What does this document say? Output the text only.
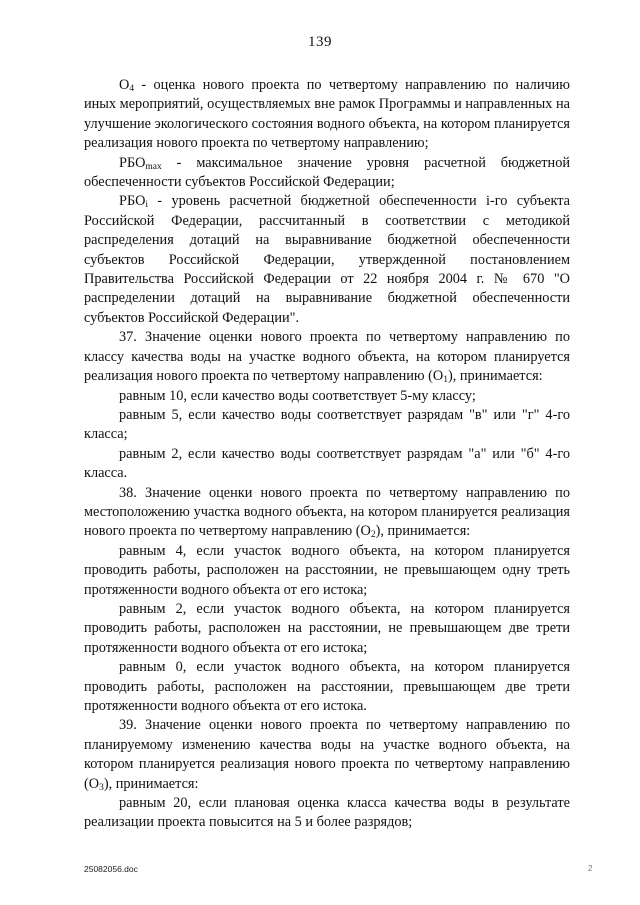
139

$О_4$ - оценка нового проекта по четвертому направлению по наличию иных мероприятий, осуществляемых вне рамок Программы и направленных на улучшение экологического состояния водного объекта, на котором планируется реализация нового проекта по четвертому направлению;

$РБО_{max}$ - максимальное значение уровня расчетной бюджетной обеспеченности субъектов Российской Федерации;

$РБО_i$ - уровень расчетной бюджетной обеспеченности i-го субъекта Российской Федерации, рассчитанный в соответствии с методикой распределения дотаций на выравнивание бюджетной обеспеченности субъектов Российской Федерации, утвержденной постановлением Правительства Российской Федерации от 22 ноября 2004 г. № 670 "О распределении дотаций на выравнивание бюджетной обеспеченности субъектов Российской Федерации".

37. Значение оценки нового проекта по четвертому направлению по классу качества воды на участке водного объекта, на котором планируется реализация нового проекта по четвертому направлению $(О_1)$, принимается:

равным 10, если качество воды соответствует 5-му классу;

равным 5, если качество воды соответствует разрядам "в" или "г" 4-го класса;

равным 2, если качество воды соответствует разрядам "а" или "б" 4-го класса.

38. Значение оценки нового проекта по четвертому направлению по местоположению участка водного объекта, на котором планируется реализация нового проекта по четвертому направлению $(О_2)$, принимается:

равным 4, если участок водного объекта, на котором планируется проводить работы, расположен на расстоянии, не превышающем одну треть протяженности водного объекта от его истока;

равным 2, если участок водного объекта, на котором планируется проводить работы, расположен на расстоянии, не превышающем две трети протяженности водного объекта от его истока;

равным 0, если участок водного объекта, на котором планируется проводить работы, расположен на расстоянии, превышающем две трети протяженности водного объекта от его истока.

39. Значение оценки нового проекта по четвертому направлению по планируемому изменению качества воды на участке водного объекта, на котором планируется реализация нового проекта по четвертому направлению $(О_3)$, принимается:

равным 20, если плановая оценка класса качества воды в результате реализации проекта повысится на 5 и более разрядов;

25082056.doc	2
